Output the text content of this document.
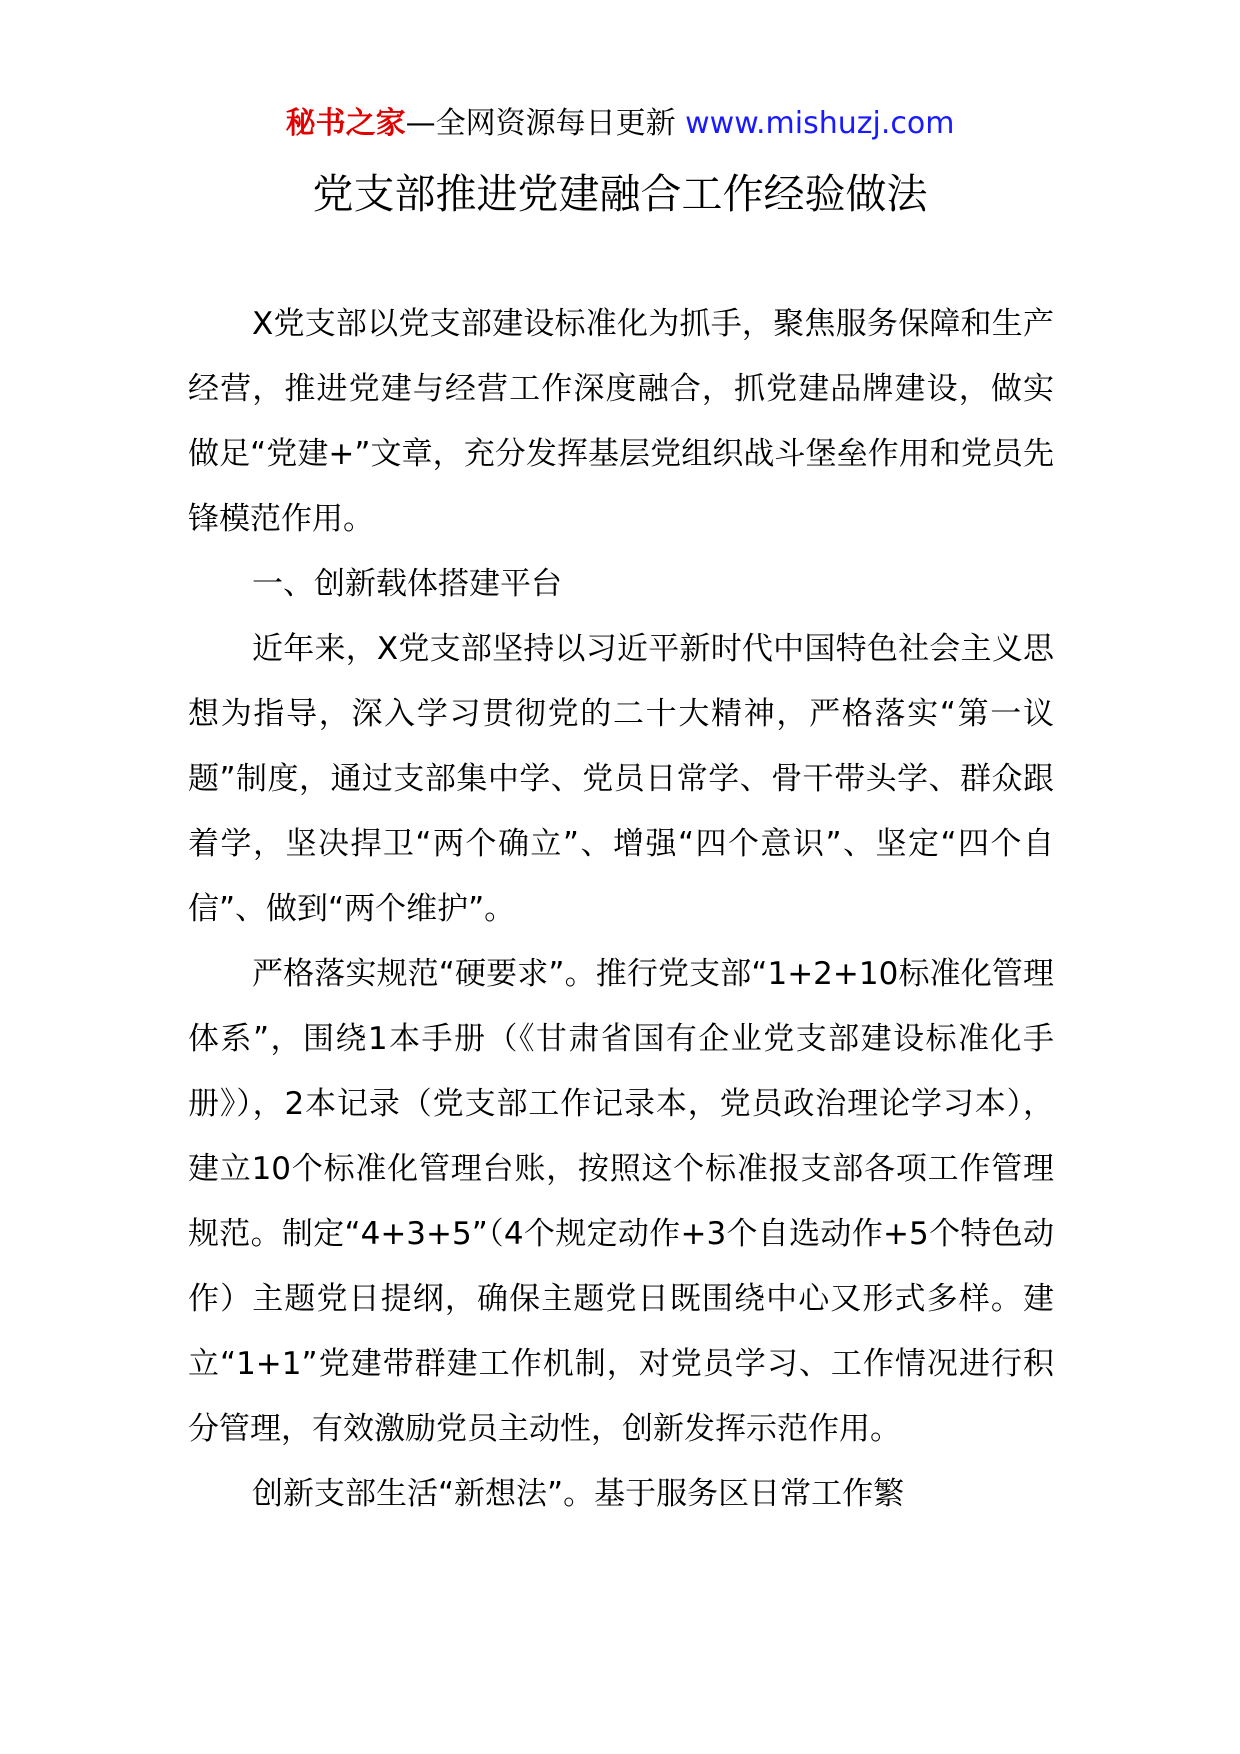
秘书之家—全网资源每日更新 www.mishuzj.com
党支部推进党建融合工作经验做法

X党支部以党支部建设标准化为抓手，聚焦服务保障和生产经营，推进党建与经营工作深度融合，抓党建品牌建设，做实做足“党建+”文章，充分发挥基层党组织战斗堡垒作用和党员先锋模范作用。

一、创新载体搭建平台

近年来，X党支部坚持以习近平新时代中国特色社会主义思想为指导，深入学习贯彻党的二十大精神，严格落实“第一议题”制度，通过支部集中学、党员日常学、骨干带头学、群众跟着学，坚决捍卫“两个确立”、增强“四个意识”、坚定“四个自信”、做到“两个维护”。

严格落实规范“硬要求”。推行党支部“1+2+10标准化管理体系”，围绕1本手册（《甘肃省国有企业党支部建设标准化手册》），2本记录（党支部工作记录本，党员政治理论学习本），建立10个标准化管理台账，按照这个标准报支部各项工作管理规范。制定“4+3+5”（4个规定动作+3个自选动作+5个特色动作）主题党日提纲，确保主题党日既围绕中心又形式多样。建立“1+1”党建带群建工作机制，对党员学习、工作情况进行积分管理，有效激励党员主动性，创新发挥示范作用。

创新支部生活“新想法”。基于服务区日常工作繁
